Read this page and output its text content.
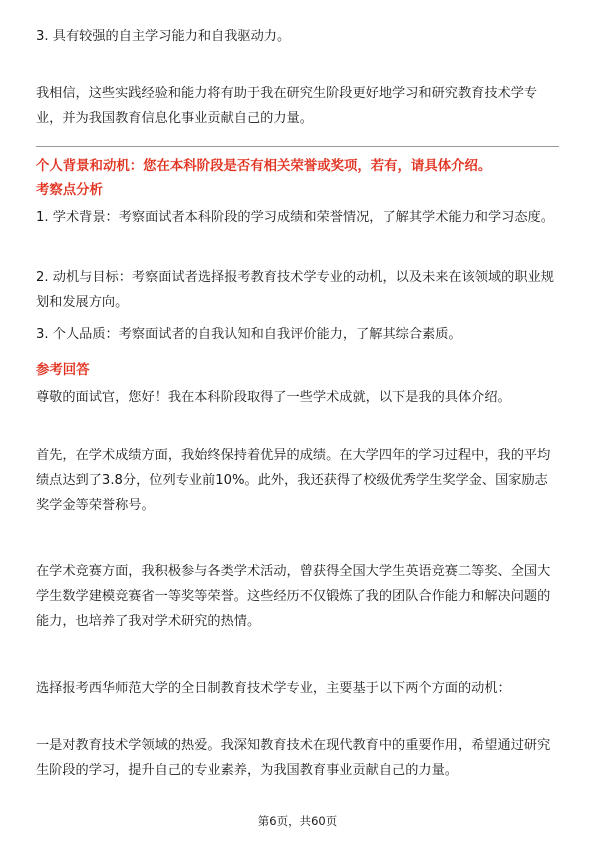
3. 具有较强的自主学习能力和自我驱动力。

我相信，这些实践经验和能力将有助于我在研究生阶段更好地学习和研究教育技术学专业，并为我国教育信息化事业贡献自己的力量。

个人背景和动机：您在本科阶段是否有相关荣誉或奖项，若有，请具体介绍。

考察点分析

1. 学术背景：考察面试者本科阶段的学习成绩和荣誉情况，了解其学术能力和学习态度。

2. 动机与目标：考察面试者选择报考教育技术学专业的动机，以及未来在该领域的职业规划和发展方向。

3. 个人品质：考察面试者的自我认知和自我评价能力，了解其综合素质。

参考回答

尊敬的面试官，您好！我在本科阶段取得了一些学术成就，以下是我的具体介绍。

首先，在学术成绩方面，我始终保持着优异的成绩。在大学四年的学习过程中，我的平均绩点达到了3.8分，位列专业前10%。此外，我还获得了校级优秀学生奖学金、国家励志奖学金等荣誉称号。

在学术竞赛方面，我积极参与各类学术活动，曾获得全国大学生英语竞赛二等奖、全国大学生数学建模竞赛省一等奖等荣誉。这些经历不仅锻炼了我的团队合作能力和解决问题的能力，也培养了我对学术研究的热情。

选择报考西华师范大学的全日制教育技术学专业，主要基于以下两个方面的动机：

一是对教育技术学领域的热爱。我深知教育技术在现代教育中的重要作用，希望通过研究生阶段的学习，提升自己的专业素养，为我国教育事业贡献自己的力量。

第6页，共60页
